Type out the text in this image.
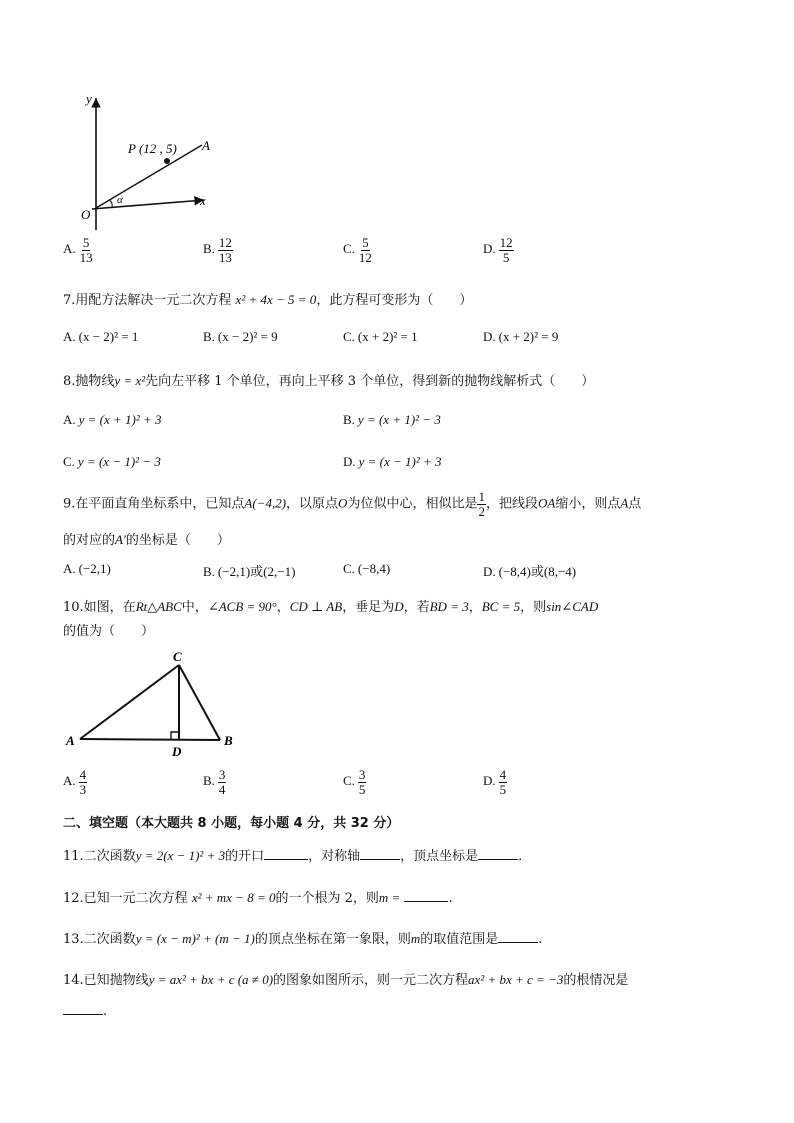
y
x
O
P (12 , 5) A
α
A. $\frac{5}{13}$	B. $\frac{12}{13}$	C. $\frac{5}{12}$	D. $\frac{12}{5}$
7.用配方法解决一元二次方程 x² + 4x − 5 = 0，此方程可变形为（　　）
A. (x − 2)² = 1	B. (x − 2)² = 9	C. (x + 2)² = 1	D. (x + 2)² = 9
8.抛物线y = x²先向左平移 1 个单位，再向上平移 3 个单位，得到新的抛物线解析式（　　）
A. y = (x + 1)² + 3	B. y = (x + 1)² − 3
C. y = (x − 1)² − 3	D. y = (x − 1)² + 3
9.在平面直角坐标系中，已知点A(−4,2)，以原点O为位似中心，相似比是 $\frac{1}{2}$ ，把线段OA缩小，则点A点
的对应的A′的坐标是（　　）
A. (−2,1)	B. (−2,1)或(2,−1)	C. (−8,4)	D. (−8,4)或(8,−4)
10.如图，在Rt△ABC中，∠ACB = 90°，CD ⊥ AB，垂足为D，若BD = 3，BC = 5，则sin∠CAD
的值为（　　）
A	B
C
D
A. $\frac{4}{3}$	B. $\frac{3}{4}$	C. $\frac{3}{5}$	D. $\frac{4}{5}$
二、填空题（本大题共 8 小题，每小题 4 分，共 32 分）
11.二次函数y = 2(x − 1)² + 3的开口	，对称轴	，顶点坐标是	.
12.已知一元二次方程 x² + mx − 8 = 0的一个根为 2，则m =	.
13.二次函数y = (x − m)² + (m − 1)的顶点坐标在第一象限，则m的取值范围是	.
14.已知抛物线y = ax² + bx + c (a ≠ 0)的图象如图所示，则一元二次方程ax² + bx + c = −3的根情况是
.
